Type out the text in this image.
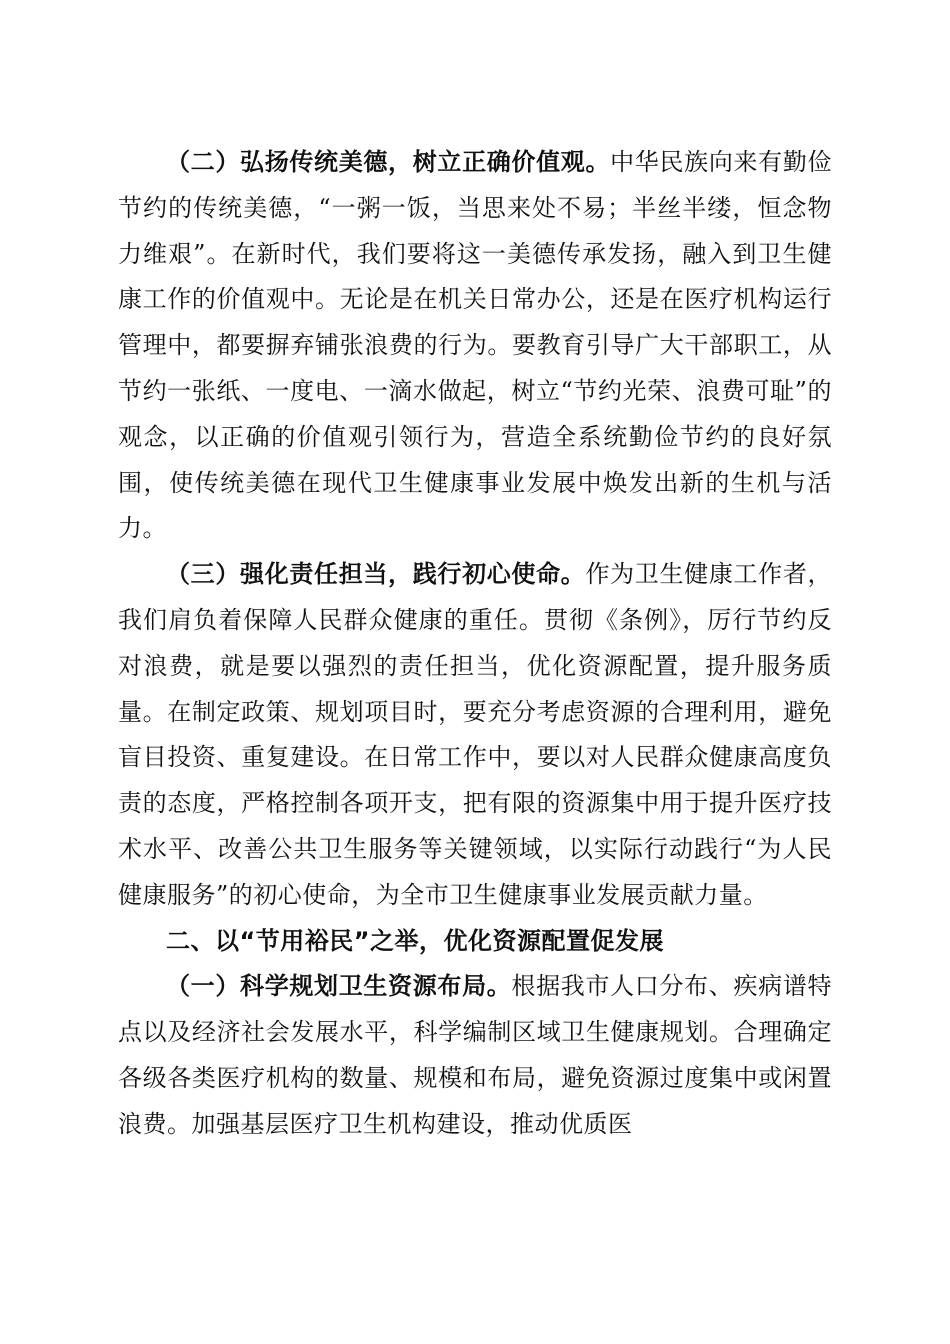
（二）弘扬传统美德，树立正确价值观。中华民族向来有勤俭节约的传统美德，“一粥一饭，当思来处不易；半丝半缕，恒念物力维艰”。在新时代，我们要将这一美德传承发扬，融入到卫生健康工作的价值观中。无论是在机关日常办公，还是在医疗机构运行管理中，都要摒弃铺张浪费的行为。要教育引导广大干部职工，从节约一张纸、一度电、一滴水做起，树立“节约光荣、浪费可耻”的观念，以正确的价值观引领行为，营造全系统勤俭节约的良好氛围，使传统美德在现代卫生健康事业发展中焕发出新的生机与活力。

（三）强化责任担当，践行初心使命。作为卫生健康工作者，我们肩负着保障人民群众健康的重任。贯彻《条例》，厉行节约反对浪费，就是要以强烈的责任担当，优化资源配置，提升服务质量。在制定政策、规划项目时，要充分考虑资源的合理利用，避免盲目投资、重复建设。在日常工作中，要以对人民群众健康高度负责的态度，严格控制各项开支，把有限的资源集中用于提升医疗技术水平、改善公共卫生服务等关键领域，以实际行动践行“为人民健康服务”的初心使命，为全市卫生健康事业发展贡献力量。

二、以“节用裕民”之举，优化资源配置促发展

（一）科学规划卫生资源布局。根据我市人口分布、疾病谱特点以及经济社会发展水平，科学编制区域卫生健康规划。合理确定各级各类医疗机构的数量、规模和布局，避免资源过度集中或闲置浪费。加强基层医疗卫生机构建设，推动优质医
